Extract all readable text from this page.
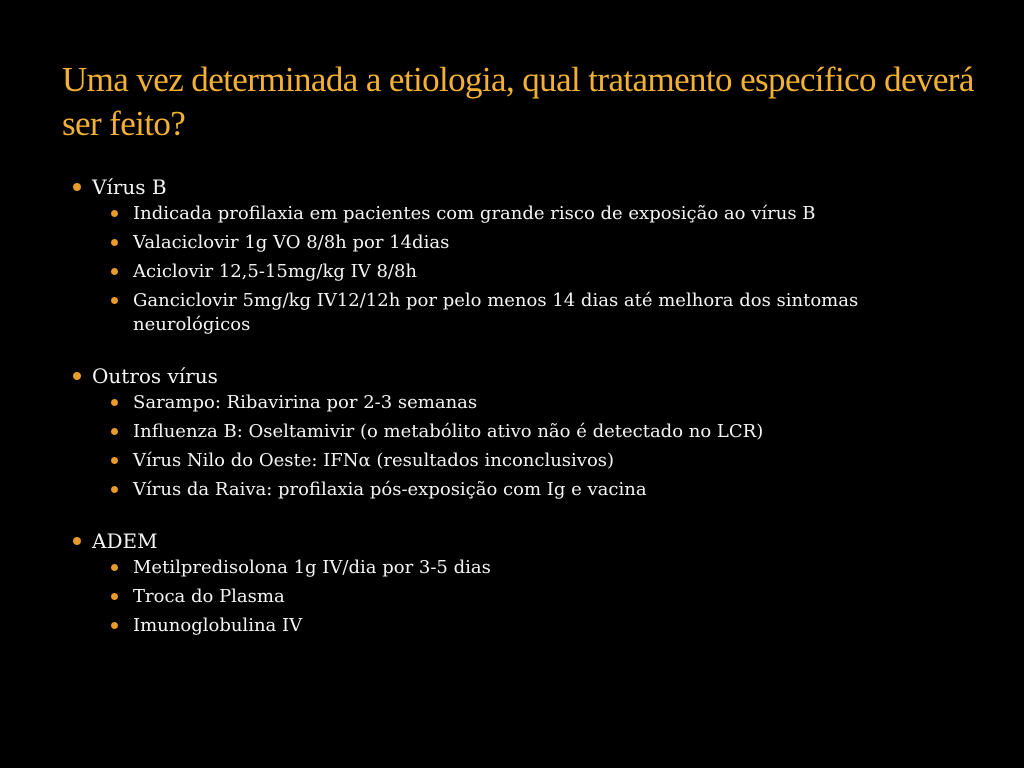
Uma vez determinada a etiologia, qual tratamento específico deverá ser feito?
Vírus B
Indicada profilaxia em pacientes com grande risco de exposição ao vírus B
Valaciclovir 1g VO 8/8h por 14dias
Aciclovir 12,5-15mg/kg IV 8/8h
Ganciclovir 5mg/kg IV12/12h por pelo menos 14 dias até melhora dos sintomas neurológicos
Outros vírus
Sarampo: Ribavirina por 2-3 semanas
Influenza B: Oseltamivir (o metabólito ativo não é detectado no LCR)
Vírus Nilo do Oeste: IFNα (resultados inconclusivos)
Vírus da Raiva: profilaxia pós-exposição com Ig e vacina
ADEM
Metilpredisolona 1g IV/dia por 3-5 dias
Troca do Plasma
Imunoglobulina IV
